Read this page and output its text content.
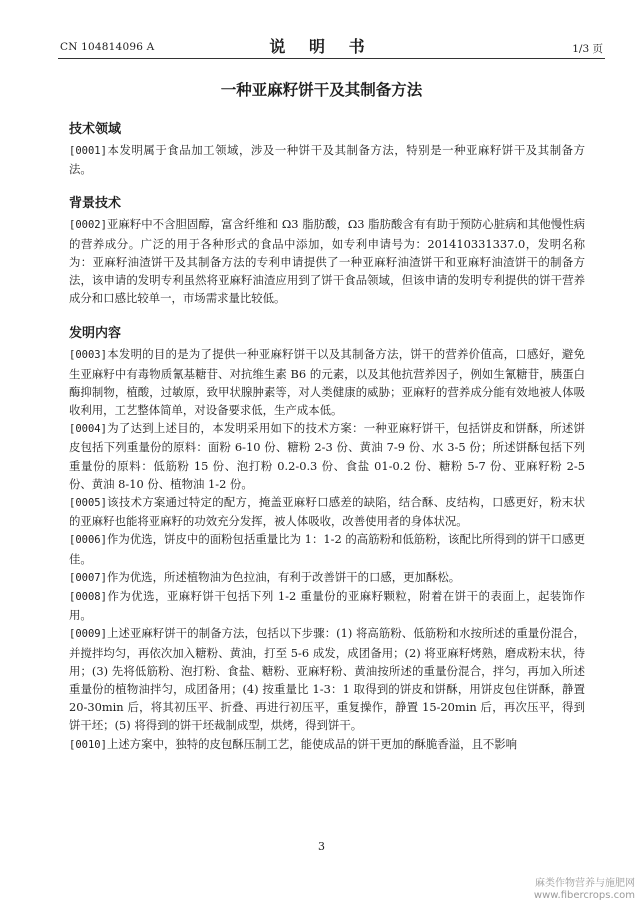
CN 104814096 A	说 明 书	1/3 页
一种亚麻籽饼干及其制备方法

技术领域

[0001]本发明属于食品加工领域，涉及一种饼干及其制备方法，特别是一种亚麻籽饼干及其制备方法。

背景技术

[0002]亚麻籽中不含胆固醇，富含纤维和 Ω3 脂肪酸，Ω3 脂肪酸含有有助于预防心脏病和其他慢性病的营养成分。广泛的用于各种形式的食品中添加，如专利申请号为：201410331337.0，发明名称为：亚麻籽油渣饼干及其制备方法的专利申请提供了一种亚麻籽油渣饼干和亚麻籽油渣饼干的制备方法，该申请的发明专利虽然将亚麻籽油渣应用到了饼干食品领域，但该申请的发明专利提供的饼干营养成分和口感比较单一，市场需求量比较低。

发明内容

[0003]本发明的目的是为了提供一种亚麻籽饼干以及其制备方法，饼干的营养价值高，口感好，避免生亚麻籽中有毒物质氰基糖苷、对抗维生素 B6 的元素，以及其他抗营养因子，例如生氰糖苷，胰蛋白酶抑制物，植酸，过敏原，致甲状腺肿素等，对人类健康的威胁；亚麻籽的营养成分能有效地被人体吸收利用，工艺整体简单，对设备要求低，生产成本低。

[0004]为了达到上述目的，本发明采用如下的技术方案：一种亚麻籽饼干，包括饼皮和饼酥，所述饼皮包括下列重量份的原料：面粉 6-10 份、糖粉 2-3 份、黄油 7-9 份、水 3-5 份；所述饼酥包括下列重量份的原料：低筋粉 15 份、泡打粉 0.2-0.3 份、食盐 01-0.2 份、糖粉 5-7 份、亚麻籽粉 2-5 份、黄油 8-10 份、植物油 1-2 份。

[0005]该技术方案通过特定的配方，掩盖亚麻籽口感差的缺陷，结合酥、皮结构，口感更好，粉末状的亚麻籽也能将亚麻籽的功效充分发挥，被人体吸收，改善使用者的身体状况。

[0006]作为优选，饼皮中的面粉包括重量比为 1：1-2 的高筋粉和低筋粉，该配比所得到的饼干口感更佳。

[0007]作为优选，所述植物油为色拉油，有利于改善饼干的口感，更加酥松。

[0008]作为优选，亚麻籽饼干包括下列 1-2 重量份的亚麻籽颗粒，附着在饼干的表面上，起装饰作用。

[0009]上述亚麻籽饼干的制备方法，包括以下步骤：(1) 将高筋粉、低筋粉和水按所述的重量份混合，并搅拌均匀，再依次加入糖粉、黄油，打至 5-6 成发，成团备用；(2) 将亚麻籽烤熟，磨成粉末状，待用；(3) 先将低筋粉、泡打粉、食盐、糖粉、亚麻籽粉、黄油按所述的重量份混合，拌匀，再加入所述重量份的植物油拌匀，成团备用；(4) 按重量比 1-3：1 取得到的饼皮和饼酥，用饼皮包住饼酥，静置 20-30min 后，将其初压平、折叠、再进行初压平，重复操作，静置 15-20min 后，再次压平，得到饼干坯；(5) 将得到的饼干坯裁制成型，烘烤，得到饼干。

[0010]上述方案中，独特的皮包酥压制工艺，能使成品的饼干更加的酥脆香溢，且不影响

3
麻类作物营养与施肥网
www.fibercrops.com
